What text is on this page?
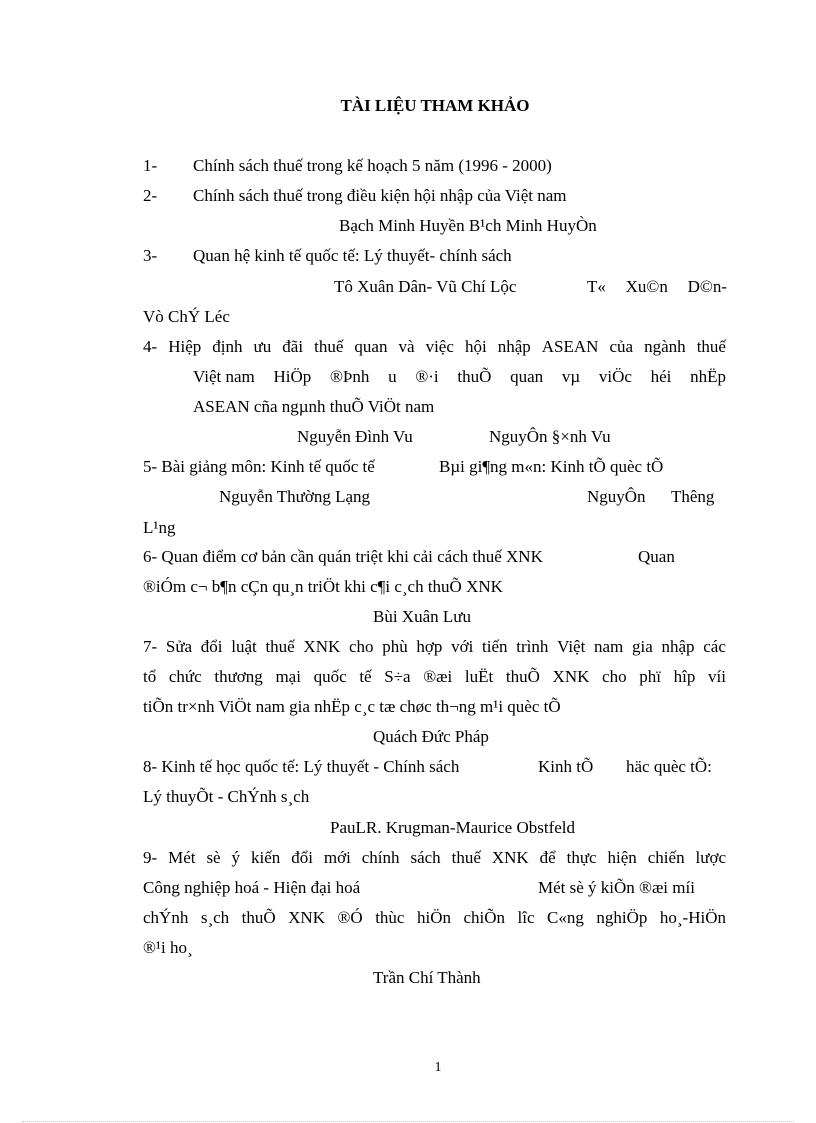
TÀI LIỆU THAM KHẢO
1- Chính sách thuế trong kế hoạch 5 năm (1996 - 2000)
2- Chính sách thuế trong điều kiện hội nhập của Việt nam
Bạch Minh Huyền B¹ch Minh HuyÒn
3- Quan hệ kinh tế quốc tế: Lý thuyết- chính sách
Tô Xuân Dân- Vũ Chí Lộc	T« Xu©n D©n-
Vò ChÝ Léc
4- Hiệp định ưu đãi thuế quan và việc hội nhập ASEAN của ngành thuế
Việt nam HiÖp ®Þnh u ®·i thuÕ quan vµ viÖc héi nhËp
ASEAN cña ngµnh thuÕ ViÖt nam
Nguyễn Đình Vu	NguyÔn §×nh Vu
5- Bài giảng môn: Kinh tế quốc tế	Bµi gi¶ng m«n: Kinh tÕ quèc tÕ
Nguyễn Thường Lạng	NguyÔn Thêng
L¹ng
6- Quan điểm cơ bản cần quán triệt khi cải cách thuế XNK	Quan
®iÓm c¬ b¶n cÇn qu¸n triÖt khi c¶i c¸ch thuÕ XNK
Bùi Xuân Lưu
7- Sửa đổi luật thuế XNK cho phù hợp với tiến trình Việt nam gia nhập các
tổ chức thương mại quốc tế S÷a ®æi luËt thuÕ XNK cho phï hîp víi
tiÕn tr×nh ViÖt nam gia nhËp c¸c tæ chøc th¬ng m¹i quèc tÕ
Quách Đức Pháp
8- Kinh tế học quốc tế: Lý thuyết - Chính sách	Kinh tÕ häc quèc tÕ:
Lý thuyÕt - ChÝnh s¸ch
PauLR. Krugman-Maurice Obstfeld
9- Mét sè ý kiến đổi mới chính sách thuế XNK để thực hiện chiến lược
Công nghiệp hoá - Hiện đại hoá	Mét sè ý kiÕn ®æi míi
chÝnh s¸ch thuÕ XNK ®Ó thùc hiÖn chiÕn lîc C«ng nghiÖp ho¸-HiÖn
®¹i ho¸
Trần Chí Thành
1
